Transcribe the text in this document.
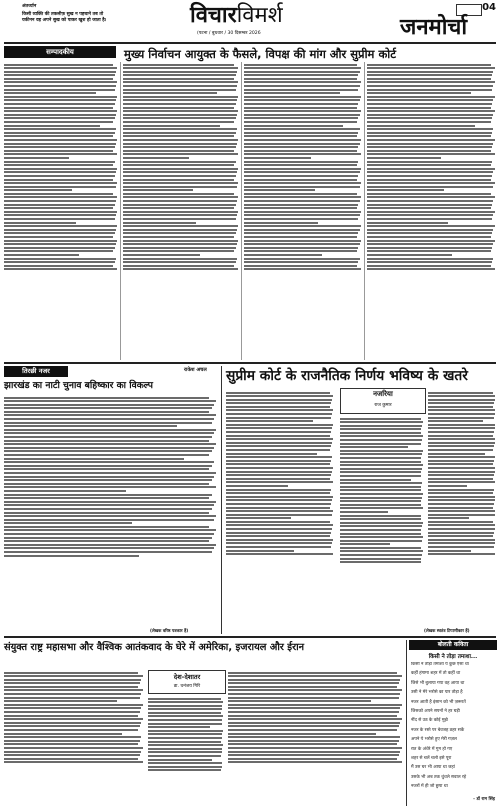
अंतर्ध्यान
किसी व्यक्ति की तकलीफ़ सुख न पहचाने तब तो यकीनन वह अपने सुख को पाकर खुश हो जाता है।	विचारविमर्श
(पटना / बुधवार / 30 दिसम्बर 2026
04
जनमोर्चा
सम्पादकीय	मुख्य निर्वाचन आयुक्त के फैसले, विपक्ष की मांग और सुप्रीम कोर्ट
तिरछी नजर	राकेश अचल
झारखंड का नाटी चुनाव बहिष्कार का विकल्प
(लेखक वरिष्ठ पत्रकार हैं)
सुप्रीम कोर्ट के राजनैतिक निर्णय भविष्य के खतरे
नजरिया
राज कुमार
(लेखक स्वतंत्र टिप्पणीकार हैं)
संयुक्त राष्ट्र महासभा और वैश्विक आतंकवाद के घेरे में अमेरिका, इजरायल और ईरान
देश-देशातर
डा. धनंजय गिरि
बोलती कविता
किसी ने तोड़ा तमाशा...
किसी ने तोड़ा तमाशा ये कुछ ऐसा था
कहीं हंगामा शहर में तो कहीं था
जिसे भी बुलाया गया वह आया था
उसी ने मेरे भरोसे का यार तोड़ा है
नजर आती है इंसान को भी ज़रूरतें
जिसको अपने सपनों ने हर घड़ी
नींद से उठ के कोई मुझे
नजर के रस्ते पर बेवजह ठहर सकें
अपने ये भरोसे हुए मेरी गज़ल
रात के अंधेरे में गुम हो गए
शहर से चलें चलो इसे पूरा
मैं उस घर भी आया था जहां
उसके भी अब तक धुंधले सवाल रहे
नजरों में ही जो छुपा था
- डॉ राम सिंह
